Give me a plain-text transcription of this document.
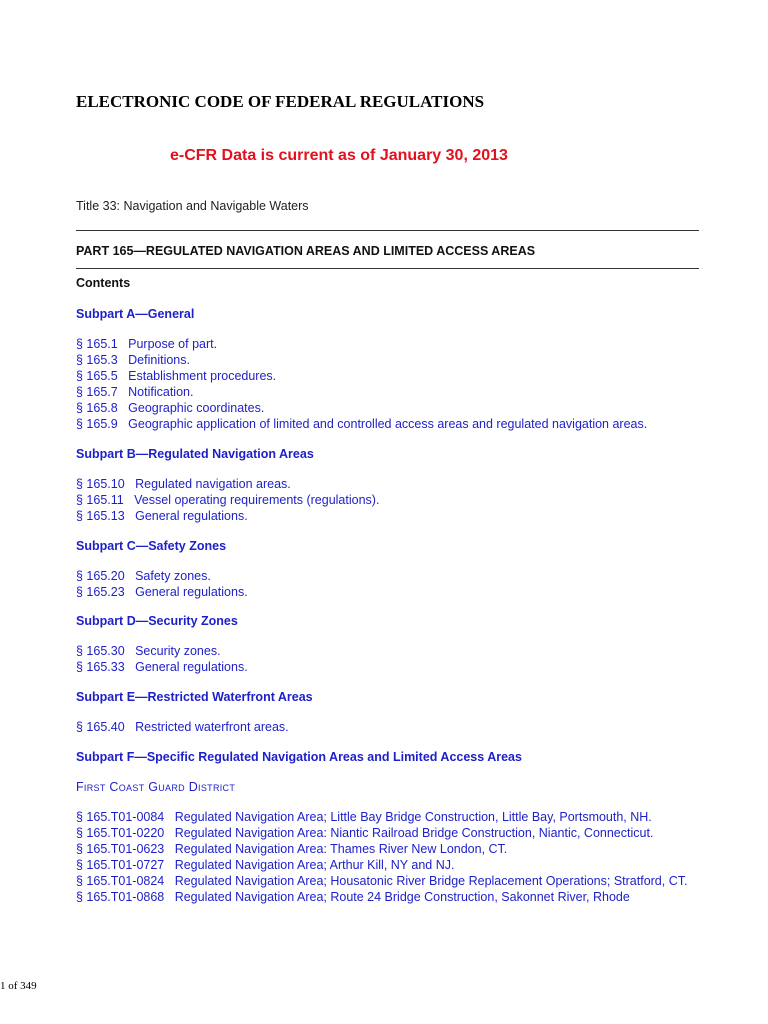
ELECTRONIC CODE OF FEDERAL REGULATIONS

e-CFR Data is current as of January 30, 2013

Title 33: Navigation and Navigable Waters

PART 165—REGULATED NAVIGATION AREAS AND LIMITED ACCESS AREAS

Contents

Subpart A—General

§ 165.1 Purpose of part.
§ 165.3 Definitions.
§ 165.5 Establishment procedures.
§ 165.7 Notification.
§ 165.8 Geographic coordinates.
§ 165.9 Geographic application of limited and controlled access areas and regulated navigation areas.

Subpart B—Regulated Navigation Areas

§ 165.10 Regulated navigation areas.
§ 165.11 Vessel operating requirements (regulations).
§ 165.13 General regulations.

Subpart C—Safety Zones

§ 165.20 Safety zones.
§ 165.23 General regulations.

Subpart D—Security Zones

§ 165.30 Security zones.
§ 165.33 General regulations.

Subpart E—Restricted Waterfront Areas

§ 165.40 Restricted waterfront areas.

Subpart F—Specific Regulated Navigation Areas and Limited Access Areas

First Coast Guard District

§ 165.T01-0084 Regulated Navigation Area; Little Bay Bridge Construction, Little Bay, Portsmouth, NH.
§ 165.T01-0220 Regulated Navigation Area: Niantic Railroad Bridge Construction, Niantic, Connecticut.
§ 165.T01-0623 Regulated Navigation Area: Thames River New London, CT.
§ 165.T01-0727 Regulated Navigation Area; Arthur Kill, NY and NJ.
§ 165.T01-0824 Regulated Navigation Area; Housatonic River Bridge Replacement Operations; Stratford, CT.
§ 165.T01-0868 Regulated Navigation Area; Route 24 Bridge Construction, Sakonnet River, Rhode

1 of 349
